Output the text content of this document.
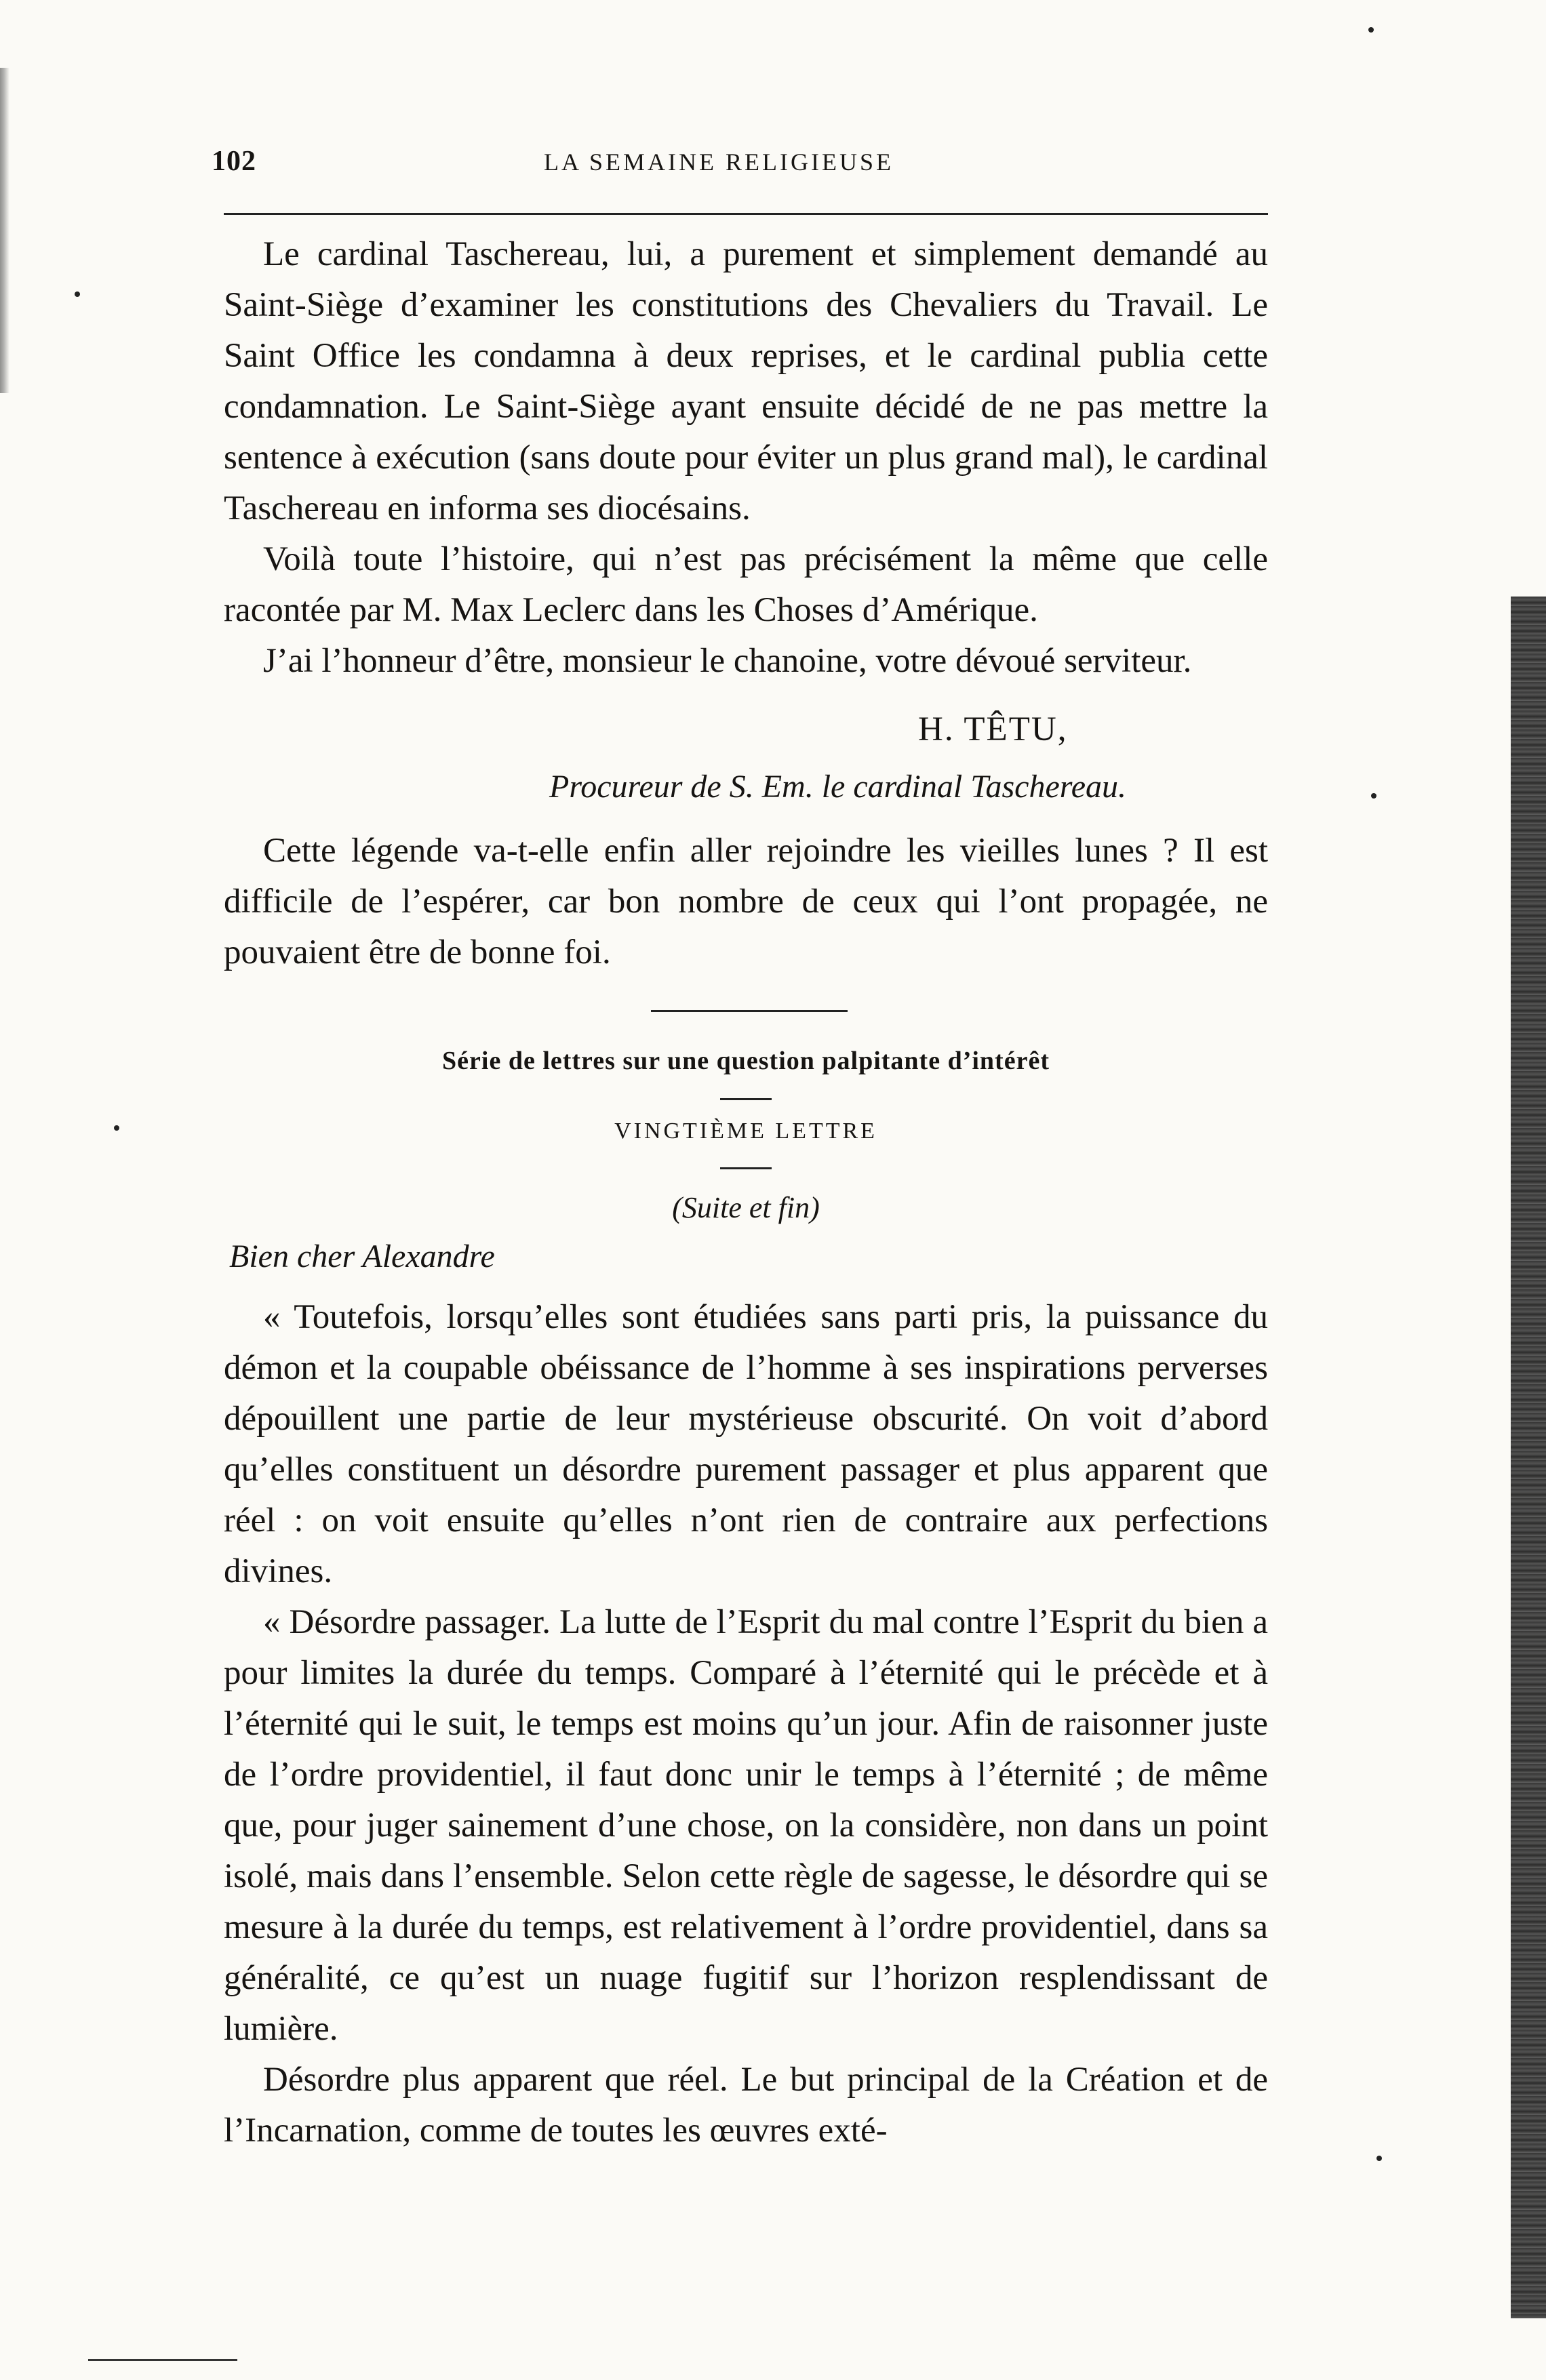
102	LA SEMAINE RELIGIEUSE

Le cardinal Taschereau, lui, a purement et simplement demandé au Saint-Siège d’examiner les constitutions des Chevaliers du Travail. Le Saint Office les condamna à deux reprises, et le cardinal publia cette condamnation. Le Saint-Siège ayant ensuite décidé de ne pas mettre la sentence à exécution (sans doute pour éviter un plus grand mal), le cardinal Taschereau en informa ses diocésains.

Voilà toute l’histoire, qui n’est pas précisément la même que celle racontée par M. Max Leclerc dans les Choses d’Amérique.

J’ai l’honneur d’être, monsieur le chanoine, votre dévoué serviteur.

H. TÊTU,
Procureur de S. Em. le cardinal Taschereau.

Cette légende va-t-elle enfin aller rejoindre les vieilles lunes ? Il est difficile de l’espérer, car bon nombre de ceux qui l’ont propagée, ne pouvaient être de bonne foi.

Série de lettres sur une question palpitante d’intérêt
VINGTIÈME LETTRE
(Suite et fin)
Bien cher Alexandre

« Toutefois, lorsqu’elles sont étudiées sans parti pris, la puissance du démon et la coupable obéissance de l’homme à ses inspirations perverses dépouillent une partie de leur mystérieuse obscurité. On voit d’abord qu’elles constituent un désordre purement passager et plus apparent que réel : on voit ensuite qu’elles n’ont rien de contraire aux perfections divines.

« Désordre passager. La lutte de l’Esprit du mal contre l’Esprit du bien a pour limites la durée du temps. Comparé à l’éternité qui le précède et à l’éternité qui le suit, le temps est moins qu’un jour. Afin de raisonner juste de l’ordre providentiel, il faut donc unir le temps à l’éternité ; de même que, pour juger sainement d’une chose, on la considère, non dans un point isolé, mais dans l’ensemble. Selon cette règle de sagesse, le désordre qui se mesure à la durée du temps, est relativement à l’ordre providentiel, dans sa généralité, ce qu’est un nuage fugitif sur l’horizon resplendissant de lumière.

Désordre plus apparent que réel. Le but principal de la Création et de l’Incarnation, comme de toutes les œuvres exté-
